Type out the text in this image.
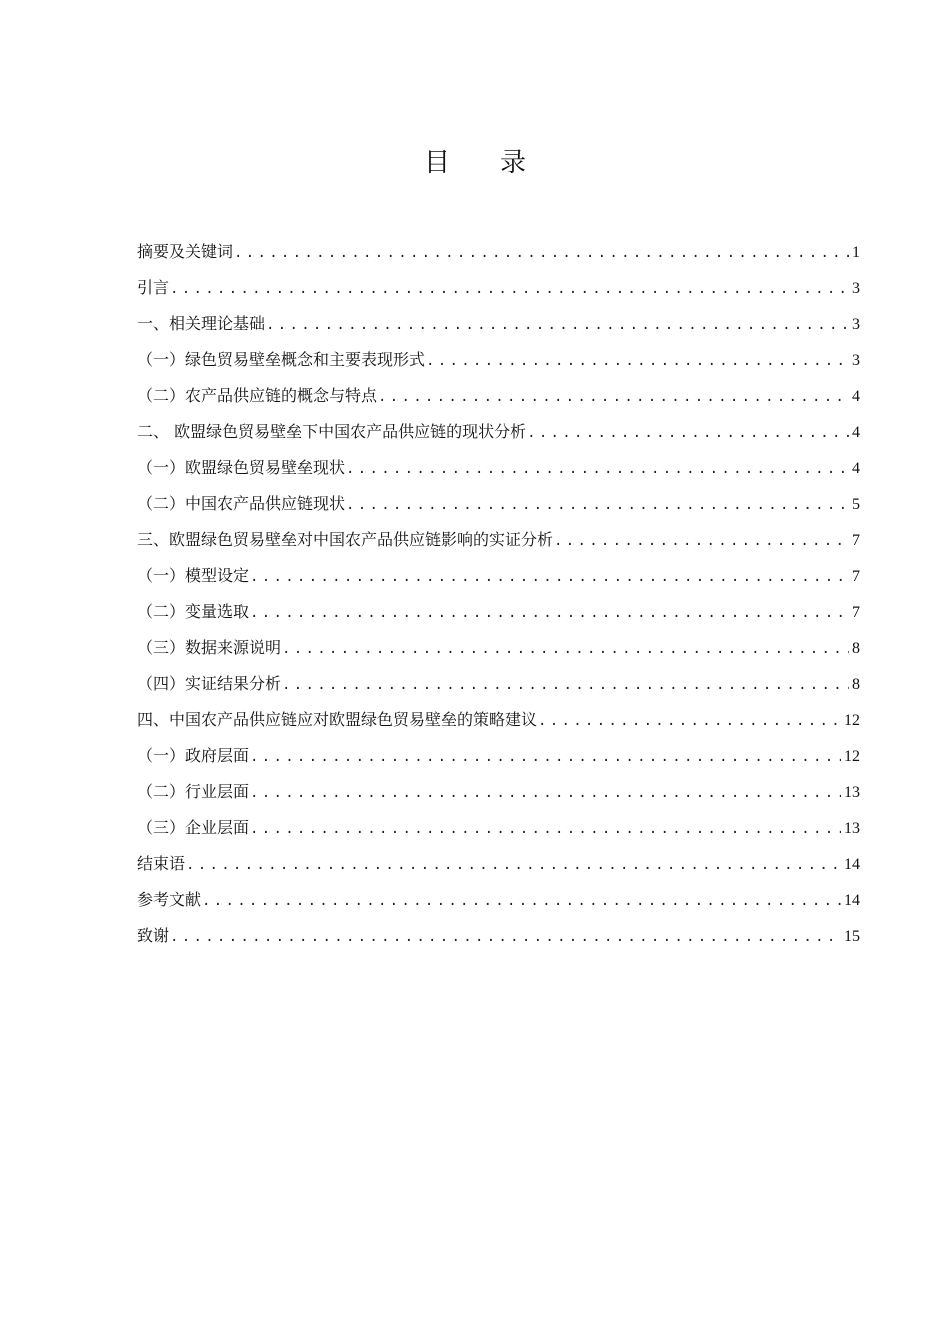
目 录
摘要及关键词 .....	1
引言 .....	3
一、相关理论基础 .....	3
（一）绿色贸易壁垒概念和主要表现形式 .....	3
（二）农产品供应链的概念与特点 .....	4
二、 欧盟绿色贸易壁垒下中国农产品供应链的现状分析 .....	4
（一）欧盟绿色贸易壁垒现状 .....	4
（二）中国农产品供应链现状 .....	5
三、欧盟绿色贸易壁垒对中国农产品供应链影响的实证分析 .....	7
（一）模型设定 .....	7
（二）变量选取 .....	7
（三）数据来源说明 .....	8
（四）实证结果分析 .....	8
四、中国农产品供应链应对欧盟绿色贸易壁垒的策略建议 .....	12
（一）政府层面 .....	12
（二）行业层面 .....	13
（三）企业层面 .....	13
结束语 .....	14
参考文献 .....	14
致谢 .....	15
